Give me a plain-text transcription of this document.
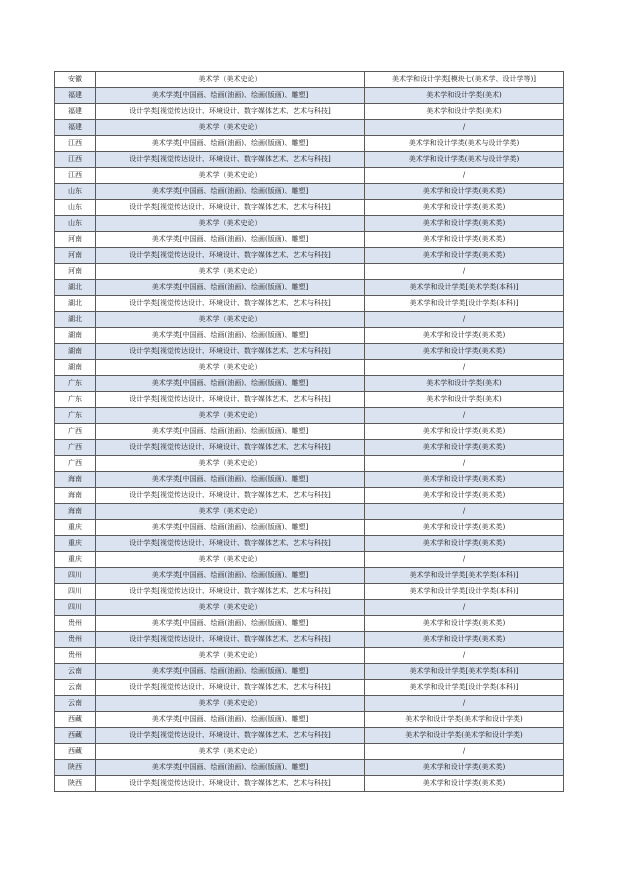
安徽	美术学（美术史论）	美术学和设计学类[模块七(美术学、设计学等)]
福建	美术学类[中国画、绘画(油画)、绘画(版画)、雕塑]	美术学和设计学类(美术)
福建	设计学类[视觉传达设计、环境设计、数字媒体艺术、艺术与科技]	美术学和设计学类(美术)
福建	美术学（美术史论）	/
江西	美术学类[中国画、绘画(油画)、绘画(版画)、雕塑]	美术学和设计学类(美术与设计学类)
江西	设计学类[视觉传达设计、环境设计、数字媒体艺术、艺术与科技]	美术学和设计学类(美术与设计学类)
江西	美术学（美术史论）	/
山东	美术学类[中国画、绘画(油画)、绘画(版画)、雕塑]	美术学和设计学类(美术类)
山东	设计学类[视觉传达设计、环境设计、数字媒体艺术、艺术与科技]	美术学和设计学类(美术类)
山东	美术学（美术史论）	美术学和设计学类(美术类)
河南	美术学类[中国画、绘画(油画)、绘画(版画)、雕塑]	美术学和设计学类(美术类)
河南	设计学类[视觉传达设计、环境设计、数字媒体艺术、艺术与科技]	美术学和设计学类(美术类)
河南	美术学（美术史论）	/
湖北	美术学类[中国画、绘画(油画)、绘画(版画)、雕塑]	美术学和设计学类[美术学类(本科)]
湖北	设计学类[视觉传达设计、环境设计、数字媒体艺术、艺术与科技]	美术学和设计学类[设计学类(本科)]
湖北	美术学（美术史论）	/
湖南	美术学类[中国画、绘画(油画)、绘画(版画)、雕塑]	美术学和设计学类(美术类)
湖南	设计学类[视觉传达设计、环境设计、数字媒体艺术、艺术与科技]	美术学和设计学类(美术类)
湖南	美术学（美术史论）	/
广东	美术学类[中国画、绘画(油画)、绘画(版画)、雕塑]	美术学和设计学类(美术)
广东	设计学类[视觉传达设计、环境设计、数字媒体艺术、艺术与科技]	美术学和设计学类(美术)
广东	美术学（美术史论）	/
广西	美术学类[中国画、绘画(油画)、绘画(版画)、雕塑]	美术学和设计学类(美术类)
广西	设计学类[视觉传达设计、环境设计、数字媒体艺术、艺术与科技]	美术学和设计学类(美术类)
广西	美术学（美术史论）	/
海南	美术学类[中国画、绘画(油画)、绘画(版画)、雕塑]	美术学和设计学类(美术类)
海南	设计学类[视觉传达设计、环境设计、数字媒体艺术、艺术与科技]	美术学和设计学类(美术类)
海南	美术学（美术史论）	/
重庆	美术学类[中国画、绘画(油画)、绘画(版画)、雕塑]	美术学和设计学类(美术类)
重庆	设计学类[视觉传达设计、环境设计、数字媒体艺术、艺术与科技]	美术学和设计学类(美术类)
重庆	美术学（美术史论）	/
四川	美术学类[中国画、绘画(油画)、绘画(版画)、雕塑]	美术学和设计学类[美术学类(本科)]
四川	设计学类[视觉传达设计、环境设计、数字媒体艺术、艺术与科技]	美术学和设计学类[设计学类(本科)]
四川	美术学（美术史论）	/
贵州	美术学类[中国画、绘画(油画)、绘画(版画)、雕塑]	美术学和设计学类(美术类)
贵州	设计学类[视觉传达设计、环境设计、数字媒体艺术、艺术与科技]	美术学和设计学类(美术类)
贵州	美术学（美术史论）	/
云南	美术学类[中国画、绘画(油画)、绘画(版画)、雕塑]	美术学和设计学类[美术学类(本科)]
云南	设计学类[视觉传达设计、环境设计、数字媒体艺术、艺术与科技]	美术学和设计学类[设计学类(本科)]
云南	美术学（美术史论）	/
西藏	美术学类[中国画、绘画(油画)、绘画(版画)、雕塑]	美术学和设计学类(美术学和设计学类)
西藏	设计学类[视觉传达设计、环境设计、数字媒体艺术、艺术与科技]	美术学和设计学类(美术学和设计学类)
西藏	美术学（美术史论）	/
陕西	美术学类[中国画、绘画(油画)、绘画(版画)、雕塑]	美术学和设计学类(美术类)
陕西	设计学类[视觉传达设计、环境设计、数字媒体艺术、艺术与科技]	美术学和设计学类(美术类)
